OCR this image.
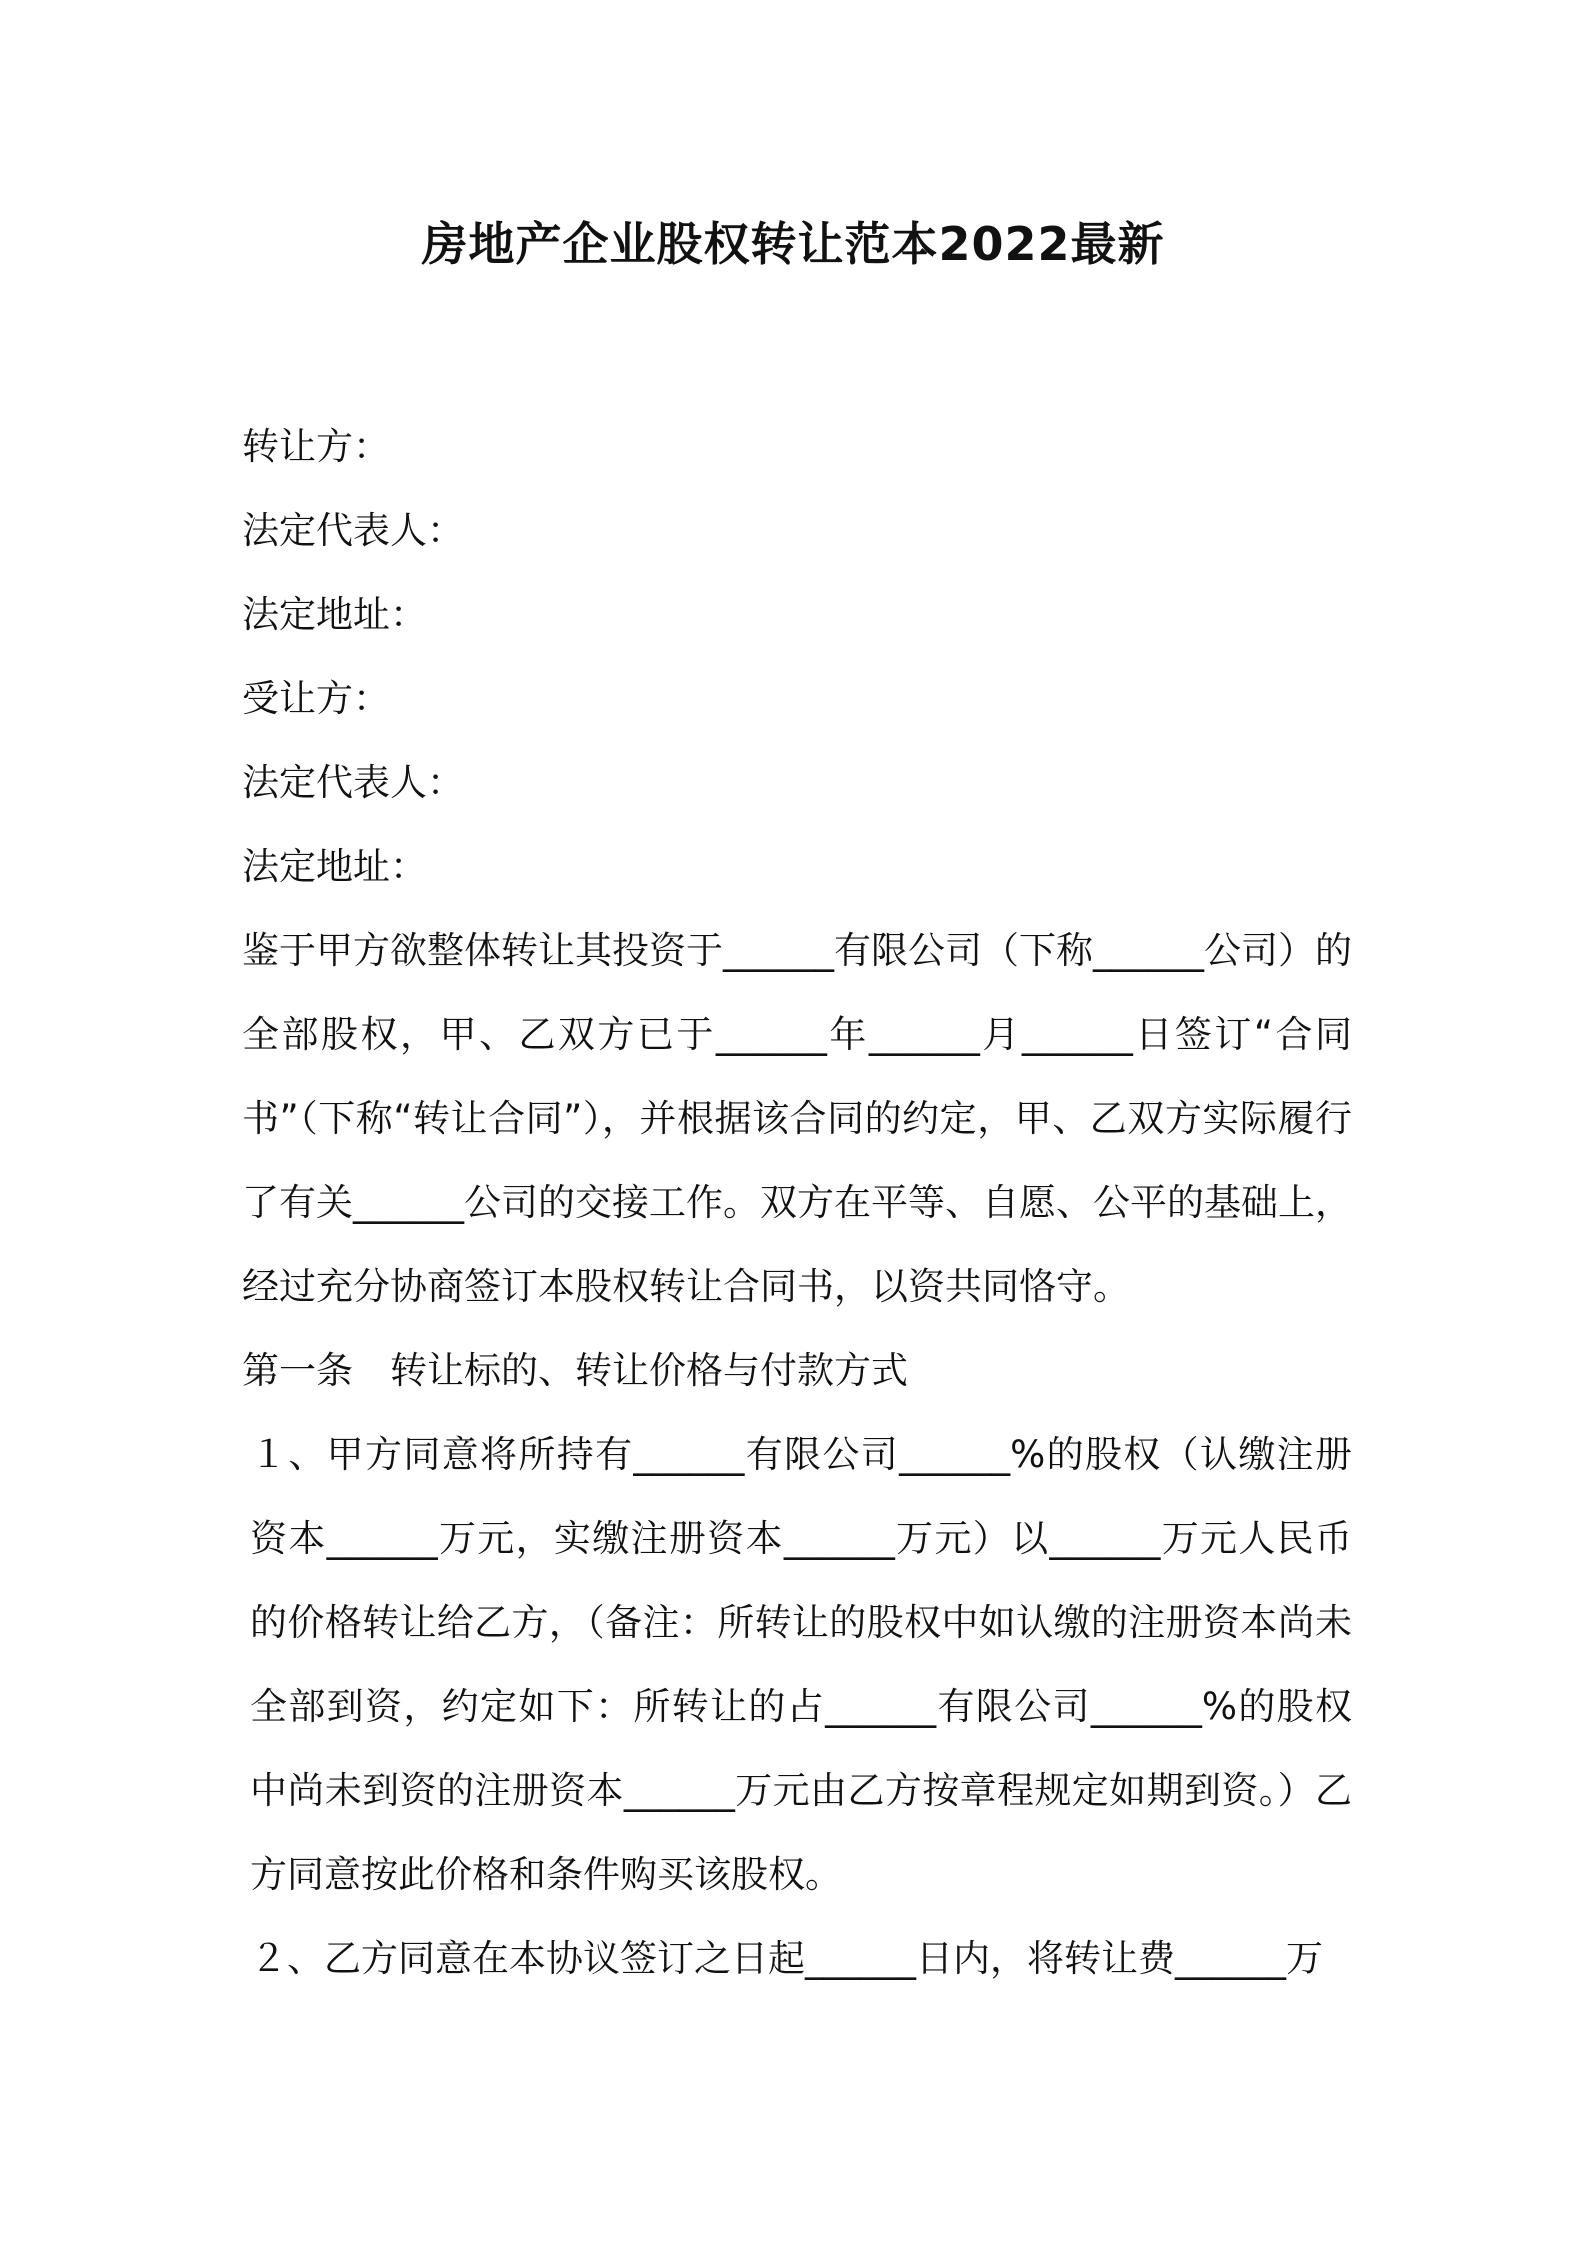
房地产企业股权转让范本2022最新

转让方：

法定代表人：

法定地址：

受让方：

法定代表人：

法定地址：

鉴于甲方欲整体转让其投资于______有限公司（下称______公司）的全部股权，甲、乙双方已于______年______月______日签订“合同书”（下称“转让合同”），并根据该合同的约定，甲、乙双方实际履行了有关______公司的交接工作。双方在平等、自愿、公平的基础上，经过充分协商签订本股权转让合同书，以资共同恪守。

第一条　转让标的、转让价格与付款方式

１、甲方同意将所持有______有限公司______%的股权（认缴注册资本______万元，实缴注册资本______万元）以______万元人民币的价格转让给乙方，（备注：所转让的股权中如认缴的注册资本尚未全部到资，约定如下：所转让的占______有限公司______%的股权中尚未到资的注册资本______万元由乙方按章程规定如期到资。）乙方同意按此价格和条件购买该股权。

２、乙方同意在本协议签订之日起______日内，将转让费______万
